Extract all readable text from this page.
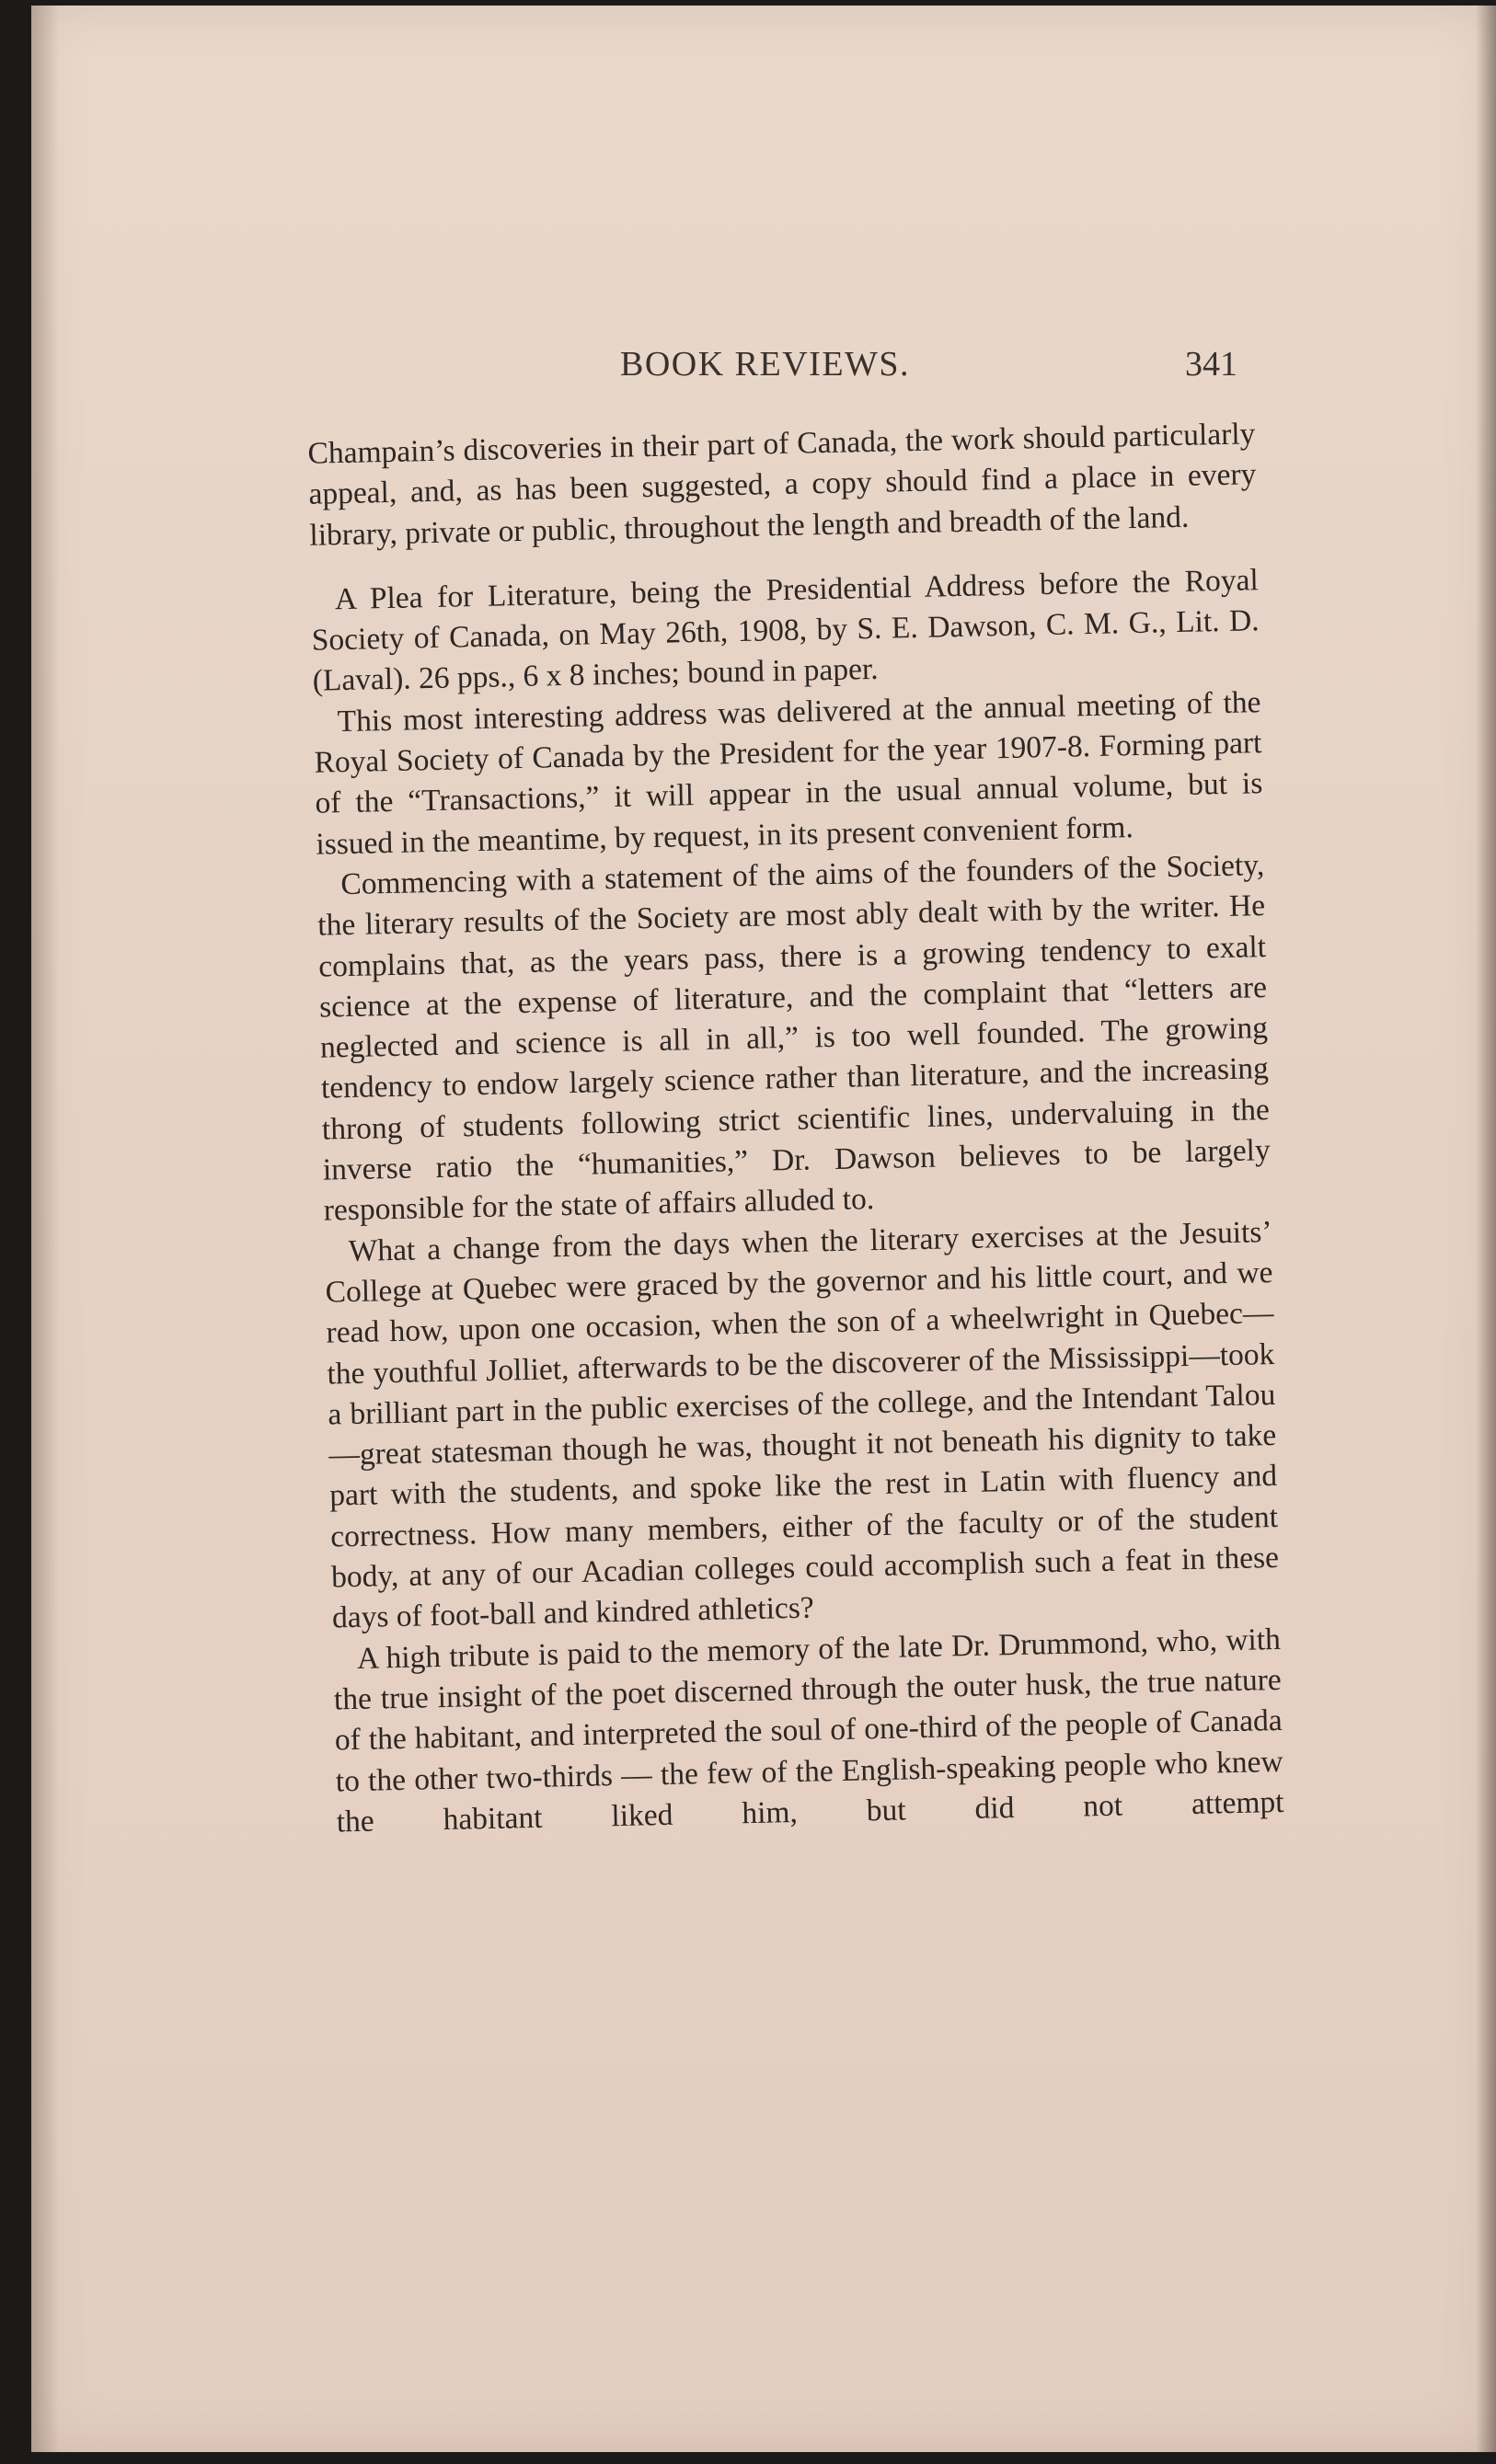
BOOK REVIEWS.	341

Champain’s discoveries in their part of Canada, the work should particularly appeal, and, as has been suggested, a copy should find a place in every library, private or public, throughout the length and breadth of the land.

A Plea for Literature, being the Presidential Address before the Royal Society of Canada, on May 26th, 1908, by S. E. Dawson, C. M. G., Lit. D. (Laval). 26 pps., 6 x 8 inches; bound in paper.

This most interesting address was delivered at the annual meeting of the Royal Society of Canada by the President for the year 1907-8. Forming part of the “Transactions,” it will appear in the usual annual volume, but is issued in the meantime, by request, in its present convenient form.

Commencing with a statement of the aims of the founders of the Society, the literary results of the Society are most ably dealt with by the writer. He complains that, as the years pass, there is a growing tendency to exalt science at the expense of literature, and the complaint that “letters are neglected and science is all in all,” is too well founded. The growing tendency to endow largely science rather than literature, and the increasing throng of students following strict scientific lines, undervaluing in the inverse ratio the “humanities,” Dr. Dawson believes to be largely responsible for the state of affairs alluded to.

What a change from the days when the literary exercises at the Jesuits’ College at Quebec were graced by the governor and his little court, and we read how, upon one occasion, when the son of a wheelwright in Quebec—the youthful Jolliet, afterwards to be the discoverer of the Mississippi—took a brilliant part in the public exercises of the college, and the Intendant Talou—great statesman though he was, thought it not beneath his dignity to take part with the students, and spoke like the rest in Latin with fluency and correctness. How many members, either of the faculty or of the student body, at any of our Acadian colleges could accomplish such a feat in these days of foot-ball and kindred athletics?

A high tribute is paid to the memory of the late Dr. Drummond, who, with the true insight of the poet discerned through the outer husk, the true nature of the habitant, and interpreted the soul of one-third of the people of Canada to the other two-thirds — the few of the English-speaking people who knew the habitant liked him, but did not attempt
